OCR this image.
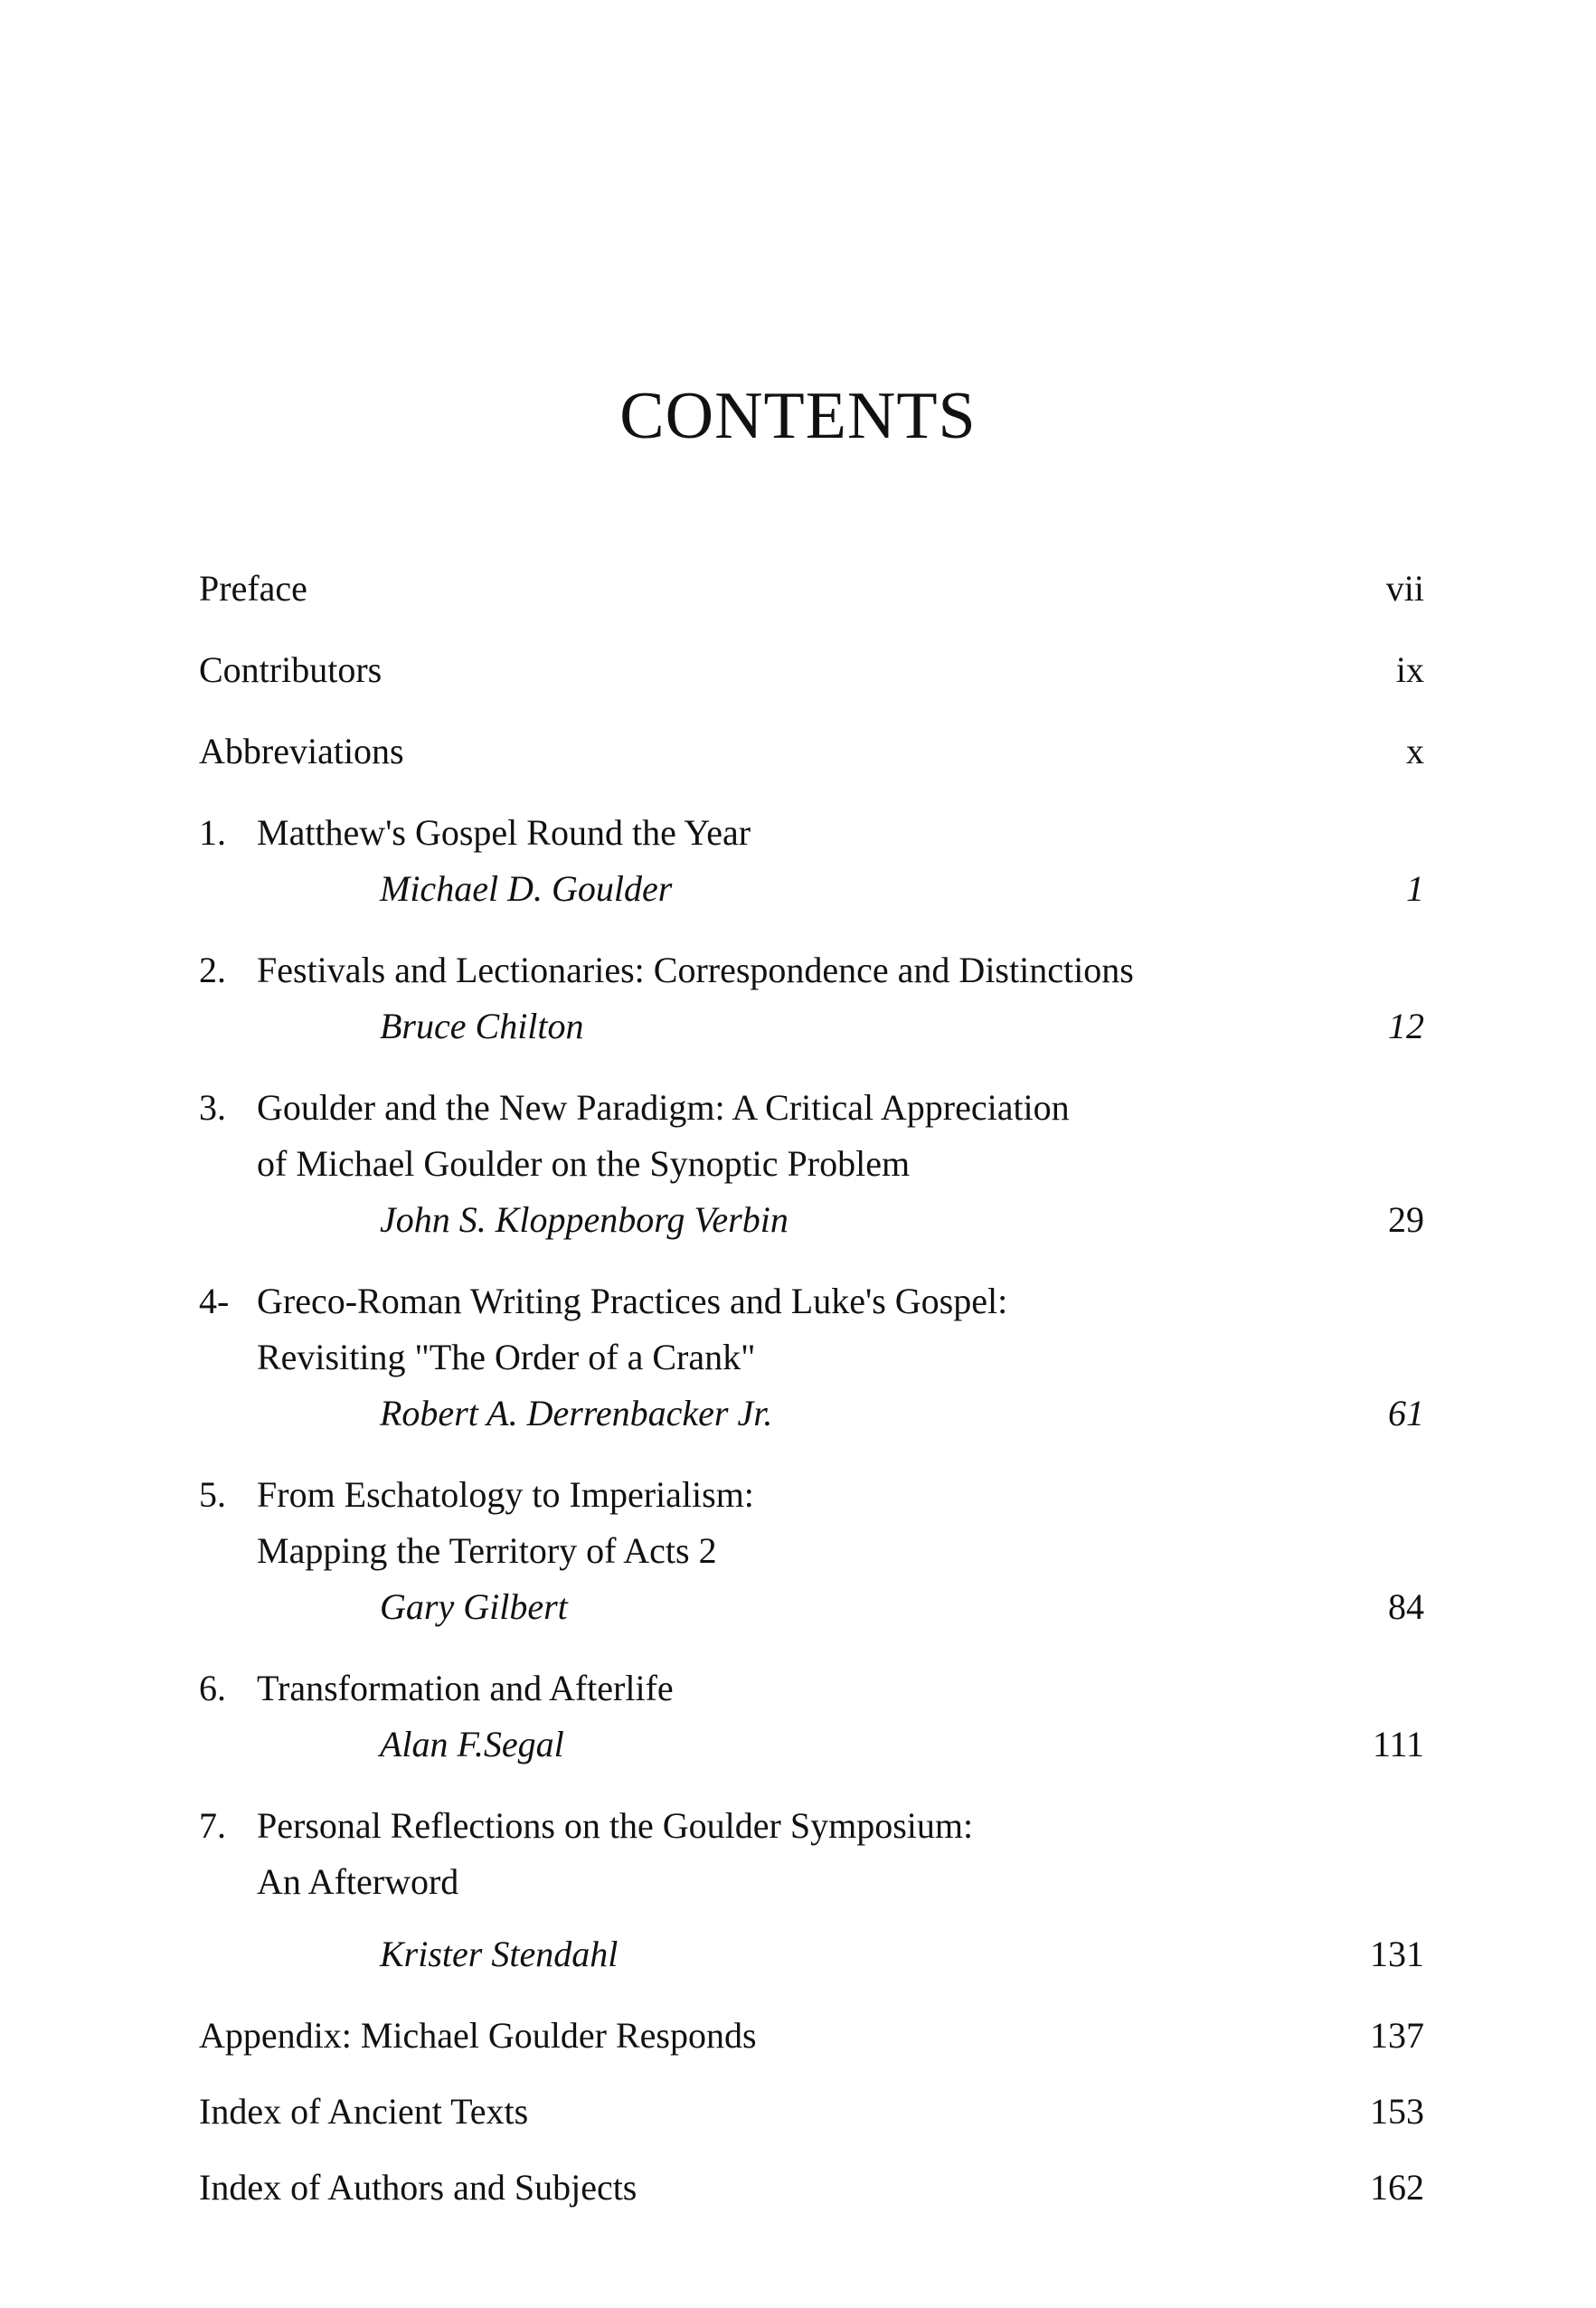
CONTENTS
Preface	vii
Contributors	ix
Abbreviations	x
1. Matthew's Gospel Round the Year
Michael D. Goulder	1
2. Festivals and Lectionaries: Correspondence and Distinctions
Bruce Chilton	12
3. Goulder and the New Paradigm: A Critical Appreciation
of Michael Goulder on the Synoptic Problem
John S. Kloppenborg Verbin	29
4- Greco-Roman Writing Practices and Luke's Gospel:
Revisiting "The Order of a Crank"
Robert A. Derrenbacker Jr.	61
5. From Eschatology to Imperialism:
Mapping the Territory of Acts 2
Gary Gilbert	84
6. Transformation and Afterlife
Alan F.Segal	111
7. Personal Reflections on the Goulder Symposium:
An Afterword
Krister Stendahl	131
Appendix: Michael Goulder Responds	137
Index of Ancient Texts	153
Index of Authors and Subjects	162
